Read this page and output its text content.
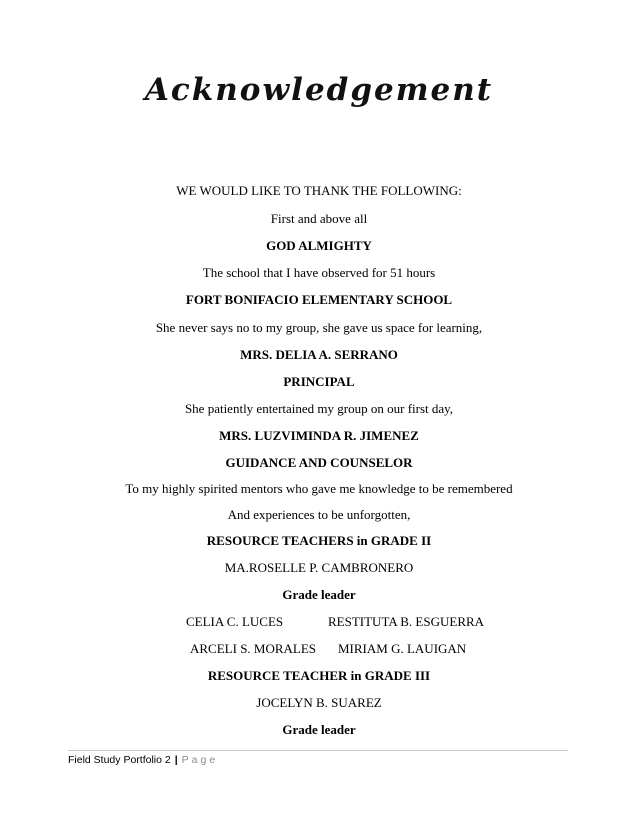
Acknowledgement
WE WOULD LIKE TO THANK THE FOLLOWING:
First and above all
GOD ALMIGHTY
The school that I have observed for 51 hours
FORT BONIFACIO ELEMENTARY SCHOOL
She never says no to my group, she gave us space for learning,
MRS. DELIA A. SERRANO
PRINCIPAL
She patiently entertained my group on our first day,
MRS. LUZVIMINDA R. JIMENEZ
GUIDANCE AND COUNSELOR
To my highly spirited mentors who gave me knowledge to be remembered
And experiences to be unforgotten,
RESOURCE TEACHERS in GRADE II
MA.ROSELLE P. CAMBRONERO
Grade leader
CELIA C. LUCES	RESTITUTA B. ESGUERRA
ARCELI S. MORALES MIRIAM G. LAUIGAN
RESOURCE TEACHER in GRADE III
JOCELYN B. SUAREZ
Grade leader
Field Study Portfolio 2 | Page
